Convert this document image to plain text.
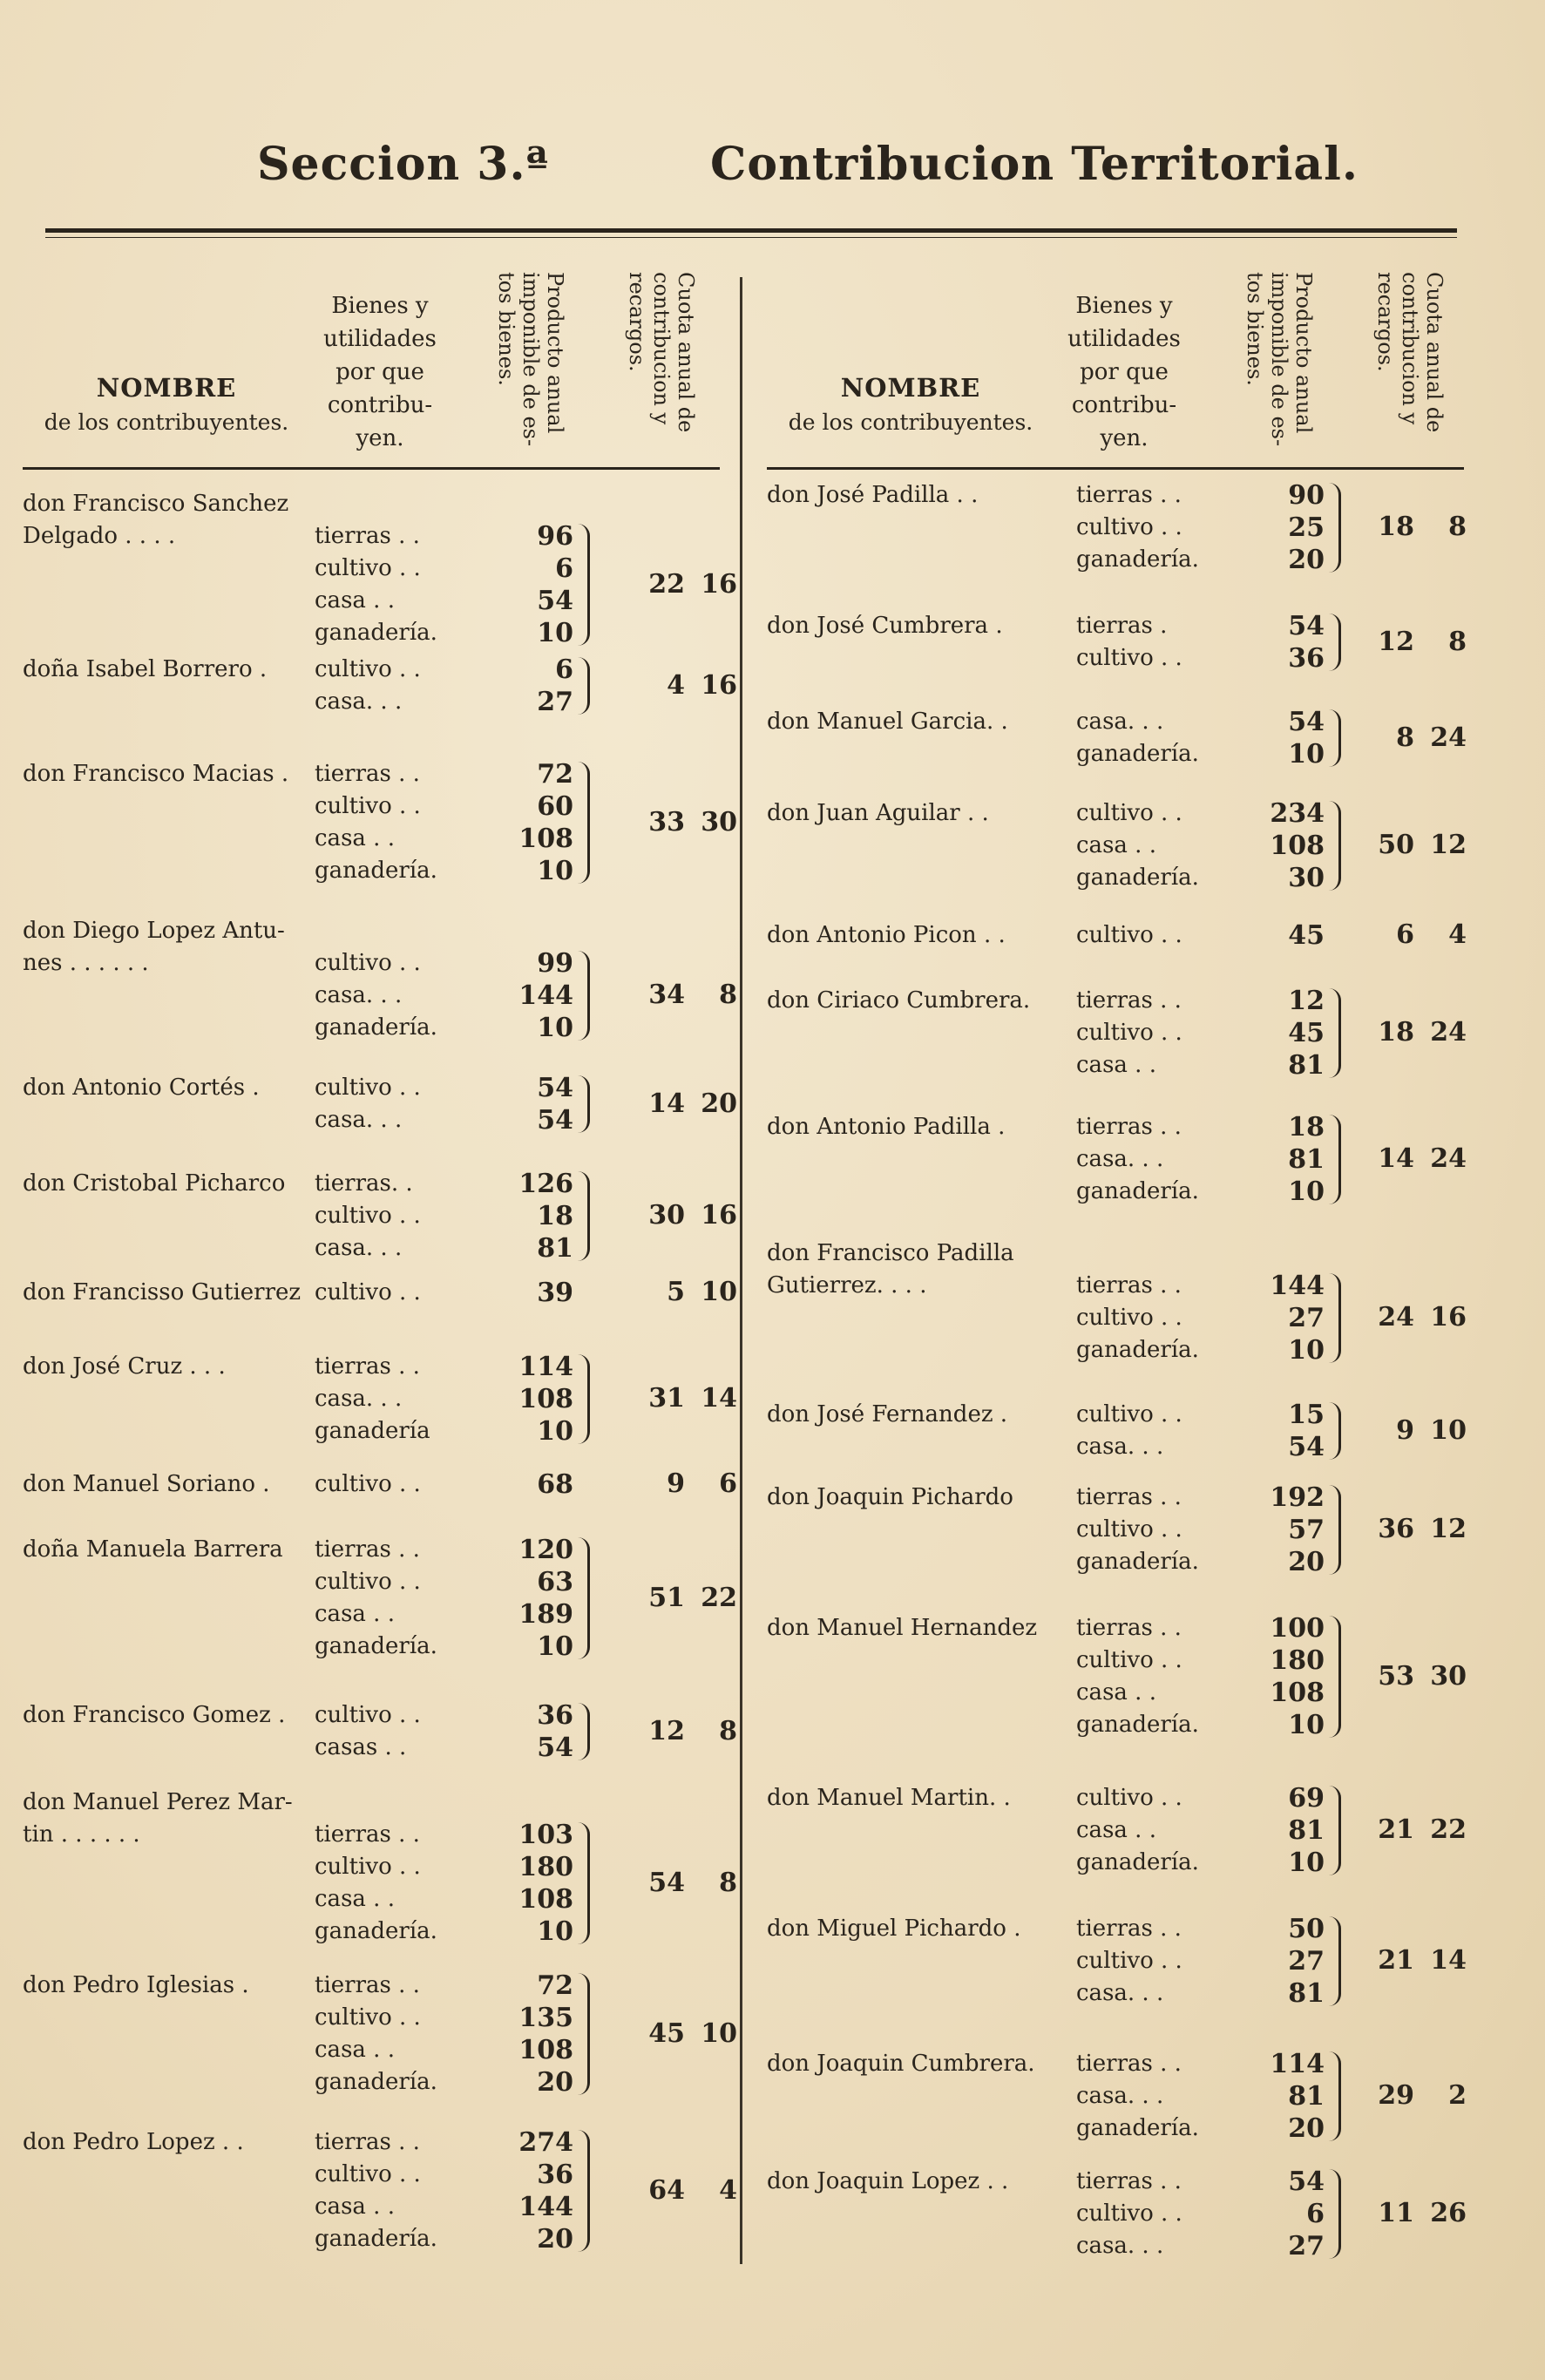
Seccion 3.ª	Contribucion Territorial.
NOMBRE
de los contribuyentes.
Bienes y utilidades por que contribu-yen.
Producto anual imponible de es-tos bienes.	Cuota anual de contribucion y recargos.
don Francisco Sanchez Delgado . . . .	tierras . .	96
cultivo . .	6
casa . .	54
ganadería.	10
22 16
doña Isabel Borrero .	cultivo . .	6
casa. . .	27
4 16
don Francisco Macias .	tierras . .	72
cultivo . .	60
casa . .	108
ganadería.	10
33 30
don Diego Lopez Antu-nes . . . . . .	cultivo . .	99
casa. . .	144
ganadería.	10
34	8
don Antonio Cortés .	cultivo . .	54
casa. . .	54
14 20
don Cristobal Picharco	tierras. .	126
cultivo . .	18
casa. . .	81
30 16
don Francisso Gutierrez cultivo . .	39	5 10
don José Cruz . . .	tierras . .	114
casa. . .	108
ganadería	10
31 14
don Manuel Soriano .	cultivo . .	68	9	6
doña Manuela Barrera	tierras . .	120
cultivo . .	63
casa . .	189
ganadería.	10
51 22
don Francisco Gomez .	cultivo . .	36
casas . .	54
12	8
don Manuel Perez Mar-tin . . . . . .	tierras . .	103
cultivo . .	180
casa . .	108
ganadería.	10
54	8
don Pedro Iglesias .	tierras . .	72
cultivo . .	135
casa . .	108
ganadería.	20
45 10
don Pedro Lopez . .	tierras . .	274
cultivo . .	36
casa . .	144
ganadería.	20
64	4
NOMBRE
de los contribuyentes.
Bienes y utilidades por que contribu-yen.
Producto anual imponible de es-tos bienes.	Cuota anual de contribucion y recargos.
don José Padilla . .	tierras . .	90
cultivo . .	25
ganadería.	20
18	8
don José Cumbrera .	tierras .	54
cultivo . .	36
12	8
don Manuel Garcia. .	casa. . .	54
ganadería.	10
8 24
don Juan Aguilar . .	cultivo . .	234
casa . .	108
ganadería.	30
50 12
don Antonio Picon . .	cultivo . .	45	6	4
don Ciriaco Cumbrera.	tierras . .	12
cultivo . .	45
casa . .	81
18 24
don Antonio Padilla .	tierras . .	18
casa. . .	81
ganadería.	10
14 24
don Francisco Padilla Gutierrez. . . .	tierras . .	144
cultivo . .	27
ganadería.	10
24 16
don José Fernandez .	cultivo . .	15
casa. . .	54
9 10
don Joaquin Pichardo	tierras . .	192
cultivo . .	57
ganadería.	20
36 12
don Manuel Hernandez	tierras . .	100
cultivo . .	180
casa . .	108
ganadería.	10
53 30
don Manuel Martin. .	cultivo . .	69
casa . .	81
ganadería.	10
21 22
don Miguel Pichardo .	tierras . .	50
cultivo . .	27
casa. . .	81
21 14
don Joaquin Cumbrera.	tierras . .	114
casa. . .	81
ganadería.	20
29	2
don Joaquin Lopez . .	tierras . .	54
cultivo . .	6
casa. . .	27
11 26
